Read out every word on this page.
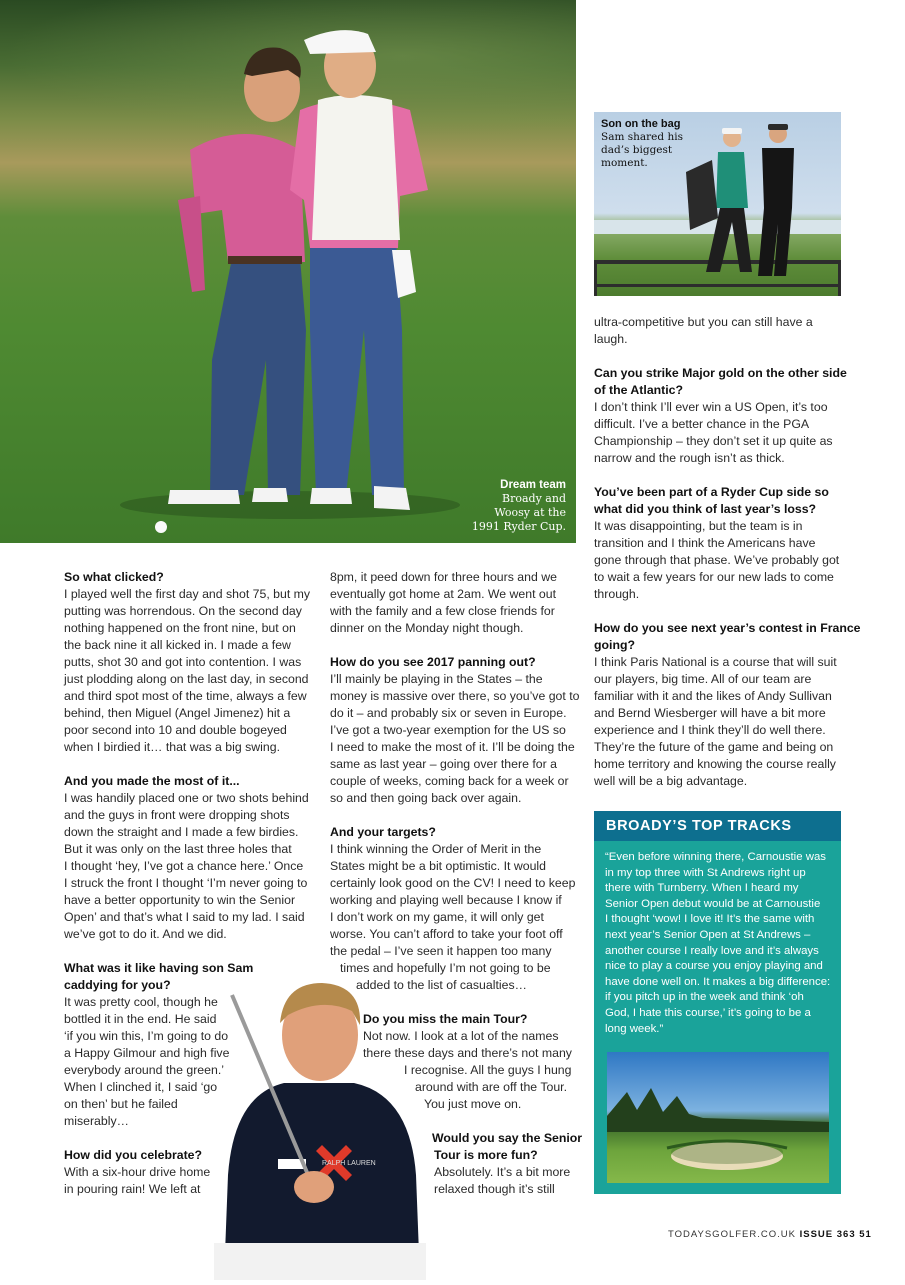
Dream team
Broady and
Woosy at the
1991 Ryder Cup.
Son on the bag
Sam shared his
dad’s biggest
moment.
So what clicked?

I played well the first day and shot 75, but my
putting was horrendous. On the second day
nothing happened on the front nine, but on
the back nine it all kicked in. I made a few
putts, shot 30 and got into contention. I was
just plodding along on the last day, in second
and third spot most of the time, always a few
behind, then Miguel (Angel Jimenez) hit a
poor second into 10 and double bogeyed
when I birdied it… that was a big swing.

And you made the most of it...

I was handily placed one or two shots behind
and the guys in front were dropping shots
down the straight and I made a few birdies.
But it was only on the last three holes that
I thought ‘hey, I’ve got a chance here.’ Once
I struck the front I thought ‘I’m never going to
have a better opportunity to win the Senior
Open’ and that’s what I said to my lad. I said
we’ve got to do it. And we did.

What was it like having son Sam
caddying for you?

It was pretty cool, though he
bottled it in the end. He said
‘if you win this, I’m going to do
a Happy Gilmour and high five
everybody around the green.’
When I clinched it, I said ‘go
on then’ but he failed
miserably…

How did you celebrate?
With a six-hour drive home
in pouring rain! We left at

8pm, it peed down for three hours and we
eventually got home at 2am. We went out
with the family and a few close friends for
dinner on the Monday night though.

How do you see 2017 panning out?

I’ll mainly be playing in the States – the
money is massive over there, so you’ve got to
do it – and probably six or seven in Europe.
I’ve got a two-year exemption for the US so
I need to make the most of it. I’ll be doing the
same as last year – going over there for a
couple of weeks, coming back for a week or
so and then going back over again.

And your targets?

I think winning the Order of Merit in the
States might be a bit optimistic. It would
certainly look good on the CV! I need to keep
working and playing well because I know if
I don’t work on my game, it will only get
worse. You can’t afford to take your foot off
the pedal – I’ve seen it happen too many
times and hopefully I’m not going to be
added to the list of casualties…

Do you miss the main Tour?

Not now. I look at a lot of the names
there these days and there’s not many
I recognise. All the guys I hung
around with are off the Tour.
You just move on.

Would you say the Senior
Tour is more fun?
Absolutely. It’s a bit more
relaxed though it’s still

ultra-competitive but you can still have a
laugh.

Can you strike Major gold on the other side
of the Atlantic?

I don’t think I’ll ever win a US Open, it’s too
difficult. I’ve a better chance in the PGA
Championship – they don’t set it up quite as
narrow and the rough isn’t as thick.

You’ve been part of a Ryder Cup side so
what did you think of last year’s loss?

It was disappointing, but the team is in
transition and I think the Americans have
gone through that phase. We’ve probably got
to wait a few years for our new lads to come
through.

How do you see next year’s contest in France
going?

I think Paris National is a course that will suit
our players, big time. All of our team are
familiar with it and the likes of Andy Sullivan
and Bernd Wiesberger will have a bit more
experience and I think they’ll do well there.
They’re the future of the game and being on
home territory and knowing the course really
well will be a big advantage.

BROADY’S TOP TRACKS
“Even before winning there, Carnoustie was
in my top three with St Andrews right up
there with Turnberry. When I heard my
Senior Open debut would be at Carnoustie
I thought ‘wow! I love it! It’s the same with
next year’s Senior Open at St Andrews –
another course I really love and it’s always
nice to play a course you enjoy playing and
have done well on. It makes a big difference:
if you pitch up in the week and think ‘oh
God, I hate this course,’ it’s going to be a
long week.”
RALPH LAUREN
TODAYSGOLFER.CO.UK ISSUE 363 51
